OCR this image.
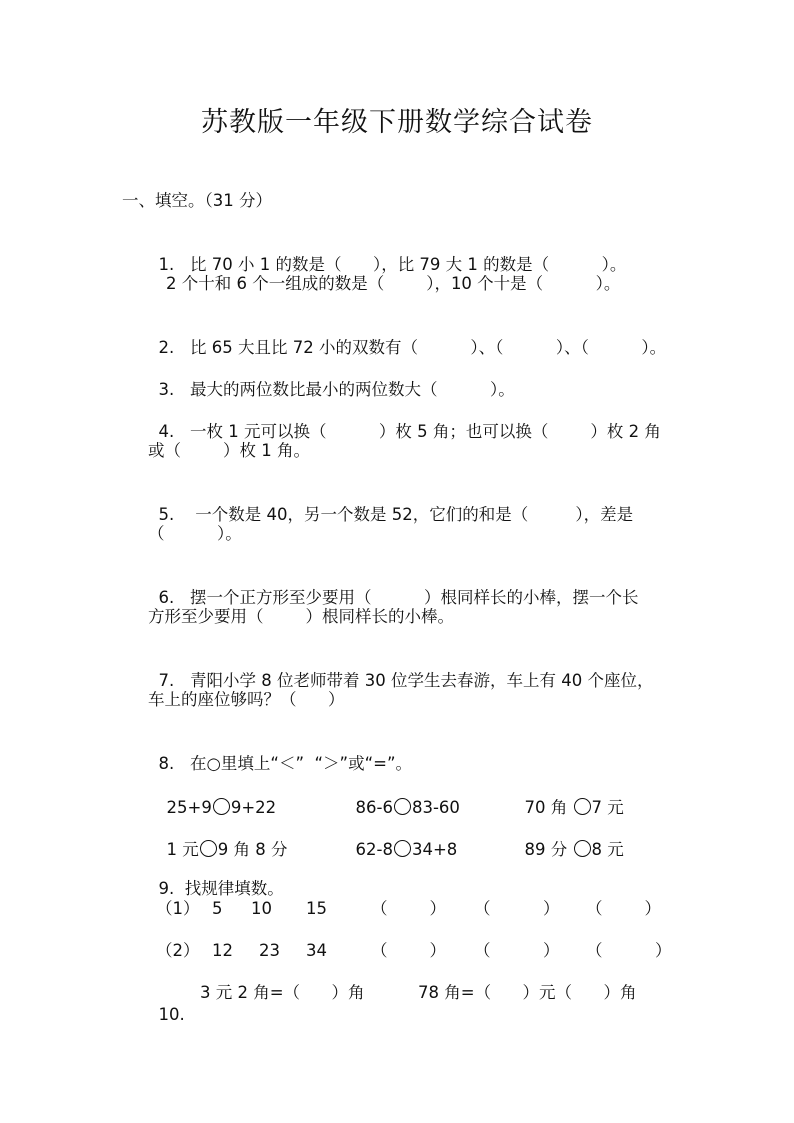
苏教版一年级下册数学综合试卷
一、填空。（31 分）

1. 比 70 小 1 的数是（      ），比 79 大 1 的数是（          ）。

2 个十和 6 个一组成的数是（        ），10 个十是（          ）。

2. 比 65 大且比 72 小的双数有（          ）、（          ）、（          ）。

3. 最大的两位数比最小的两位数大（          ）。

4. 一枚 1 元可以换（          ）枚 5 角；也可以换（        ）枚 2 角

或（        ）枚 1 角。

5. 一个数是 40，另一个数是 52，它们的和是（         ），差是

（          ）。

6. 摆一个正方形至少要用（          ）根同样长的小棒，摆一个长

方形至少要用（        ）根同样长的小棒。

7. 青阳小学 8 位老师带着 30 位学生去春游，车上有 40 个座位，

车上的座位够吗？（      ）

8. 在○里填上“＜”  “＞”或“=”。

25+9 9+22	86-6 83-60	70 角 7 元

1 元 9 角 8 分	62-8 34+8	89 分 8 元

9. 找规律填数。

（1） 5 10 15	（        ） （          ） （        ）
（2） 12 23 34	（        ） （          ） （          ）

10.

3 元 2 角=（      ）角	78 角=（      ）元（      ）角
